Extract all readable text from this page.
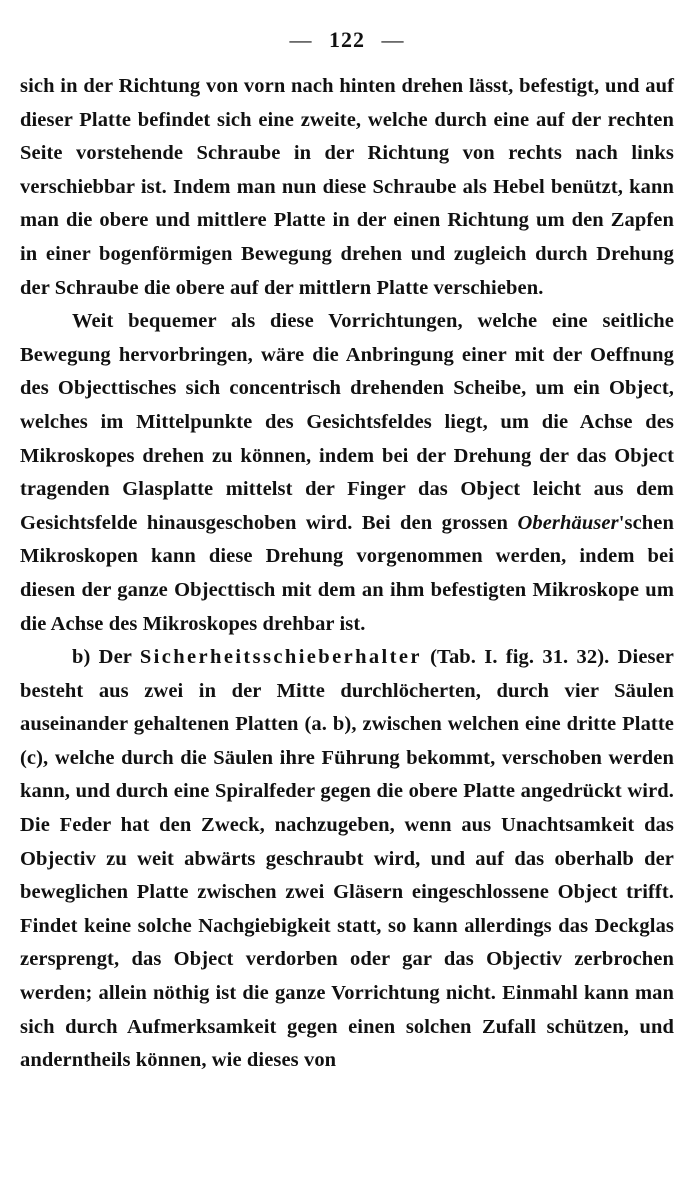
— 122 —

sich in der Richtung von vorn nach hinten drehen lässt, befestigt, und auf dieser Platte befindet sich eine zweite, welche durch eine auf der rechten Seite vorstehende Schraube in der Richtung von rechts nach links verschiebbar ist. Indem man nun diese Schraube als Hebel benützt, kann man die obere und mittlere Platte in der einen Richtung um den Zapfen in einer bogenförmigen Bewegung drehen und zugleich durch Drehung der Schraube die obere auf der mittlern Platte verschieben.

Weit bequemer als diese Vorrichtungen, welche eine seitliche Bewegung hervorbringen, wäre die Anbringung einer mit der Oeffnung des Objecttisches sich concentrisch drehenden Scheibe, um ein Object, welches im Mittelpunkte des Gesichtsfeldes liegt, um die Achse des Mikroskopes drehen zu können, indem bei der Drehung der das Object tragenden Glasplatte mittelst der Finger das Object leicht aus dem Gesichtsfelde hinausgeschoben wird. Bei den grossen Oberhäuser'schen Mikroskopen kann diese Drehung vorgenommen werden, indem bei diesen der ganze Objecttisch mit dem an ihm befestigten Mikroskope um die Achse des Mikroskopes drehbar ist.

b) Der Sicherheitsschieberhalter (Tab. I. fig. 31. 32). Dieser besteht aus zwei in der Mitte durchlöcherten, durch vier Säulen auseinander gehaltenen Platten (a. b), zwischen welchen eine dritte Platte (c), welche durch die Säulen ihre Führung bekommt, verschoben werden kann, und durch eine Spiralfeder gegen die obere Platte angedrückt wird. Die Feder hat den Zweck, nachzugeben, wenn aus Unachtsamkeit das Objectiv zu weit abwärts geschraubt wird, und auf das oberhalb der beweglichen Platte zwischen zwei Gläsern eingeschlossene Object trifft. Findet keine solche Nachgiebigkeit statt, so kann allerdings das Deckglas zersprengt, das Object verdorben oder gar das Objectiv zerbrochen werden; allein nöthig ist die ganze Vorrichtung nicht. Einmahl kann man sich durch Aufmerksamkeit gegen einen solchen Zufall schützen, und anderntheils können, wie dieses von
